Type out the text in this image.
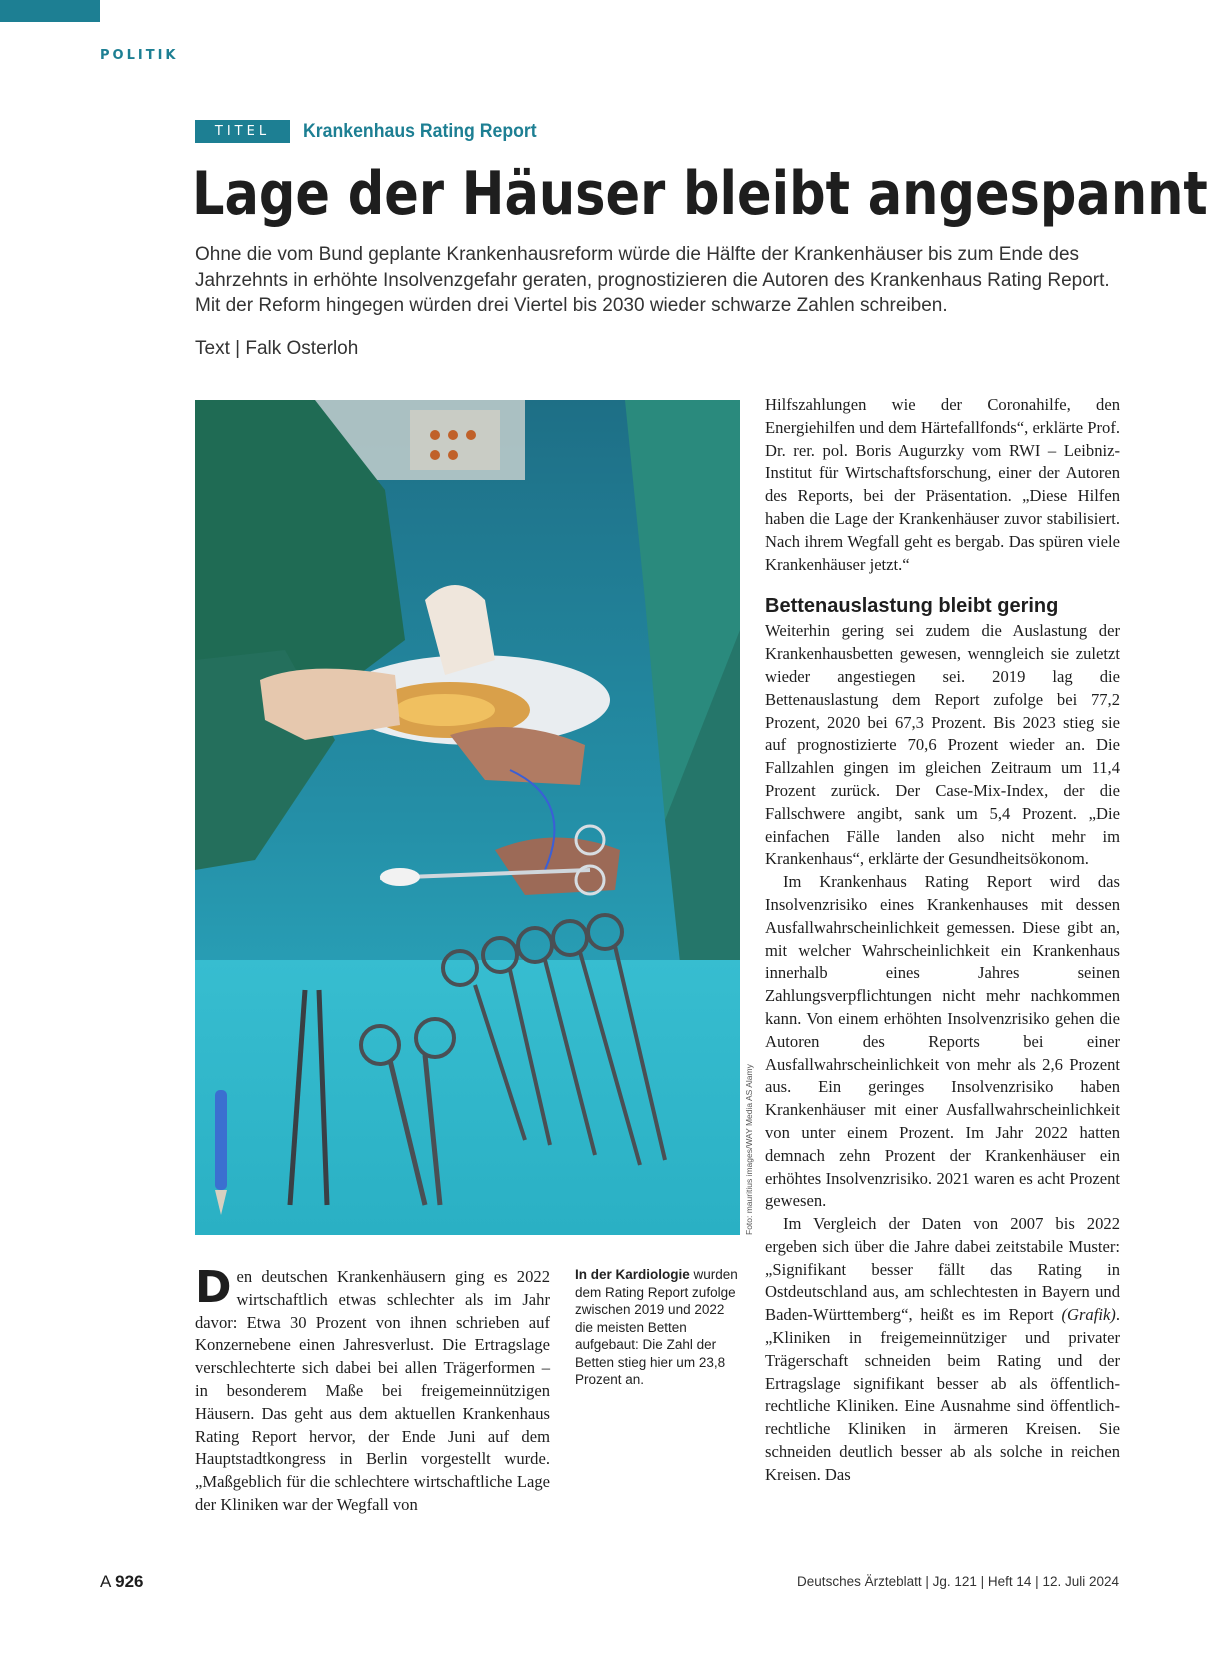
POLITIK
TITEL	Krankenhaus Rating Report
Lage der Häuser bleibt angespannt

Ohne die vom Bund geplante Krankenhausreform würde die Hälfte der Krankenhäuser bis zum Ende des Jahrzehnts in erhöhte Insolvenzgefahr geraten, prognostizieren die Autoren des Krankenhaus Rating Report. Mit der Reform hingegen würden drei Viertel bis 2030 wieder schwarze Zahlen schreiben.

Text | Falk Osterloh

Foto: mauritius images/WAY Media AS Alamy

D en deutschen Krankenhäusern ging es 2022 wirtschaftlich etwas schlechter als im Jahr davor: Etwa 30 Prozent von ihnen schrieben auf Konzernebene einen Jahresverlust. Die Ertragslage verschlechterte sich dabei bei allen Trägerformen – in besonderem Maße bei freigemeinnützigen Häusern. Das geht aus dem aktuellen Krankenhaus Rating Report hervor, der Ende Juni auf dem Hauptstadtkongress in Berlin vorgestellt wurde. „Maßgeblich für die schlechtere wirtschaftliche Lage der Kliniken war der Wegfall von

In der Kardiologie wurden dem Rating Report zufolge zwischen 2019 und 2022 die meisten Betten aufgebaut: Die Zahl der Betten stieg hier um 23,8 Prozent an.

Hilfszahlungen wie der Coronahilfe, den Energiehilfen und dem Härtefallfonds“, erklärte Prof. Dr. rer. pol. Boris Augurzky vom RWI – Leibniz-Institut für Wirtschaftsforschung, einer der Autoren des Reports, bei der Präsentation. „Diese Hilfen haben die Lage der Krankenhäuser zuvor stabilisiert. Nach ihrem Wegfall geht es bergab. Das spüren viele Krankenhäuser jetzt.“

Bettenauslastung bleibt gering

Weiterhin gering sei zudem die Auslastung der Krankenhausbetten gewesen, wenngleich sie zuletzt wieder angestiegen sei. 2019 lag die Bettenauslastung dem Report zufolge bei 77,2 Prozent, 2020 bei 67,3 Prozent. Bis 2023 stieg sie auf prognostizierte 70,6 Prozent wieder an. Die Fallzahlen gingen im gleichen Zeitraum um 11,4 Prozent zurück. Der Case-Mix-Index, der die Fallschwere angibt, sank um 5,4 Prozent. „Die einfachen Fälle landen also nicht mehr im Krankenhaus“, erklärte der Gesundheitsökonom.

Im Krankenhaus Rating Report wird das Insolvenzrisiko eines Krankenhauses mit dessen Ausfallwahrscheinlichkeit gemessen. Diese gibt an, mit welcher Wahrscheinlichkeit ein Krankenhaus innerhalb eines Jahres seinen Zahlungsverpflichtungen nicht mehr nachkommen kann. Von einem erhöhten Insolvenzrisiko gehen die Autoren des Reports bei einer Ausfallwahrscheinlichkeit von mehr als 2,6 Prozent aus. Ein geringes Insolvenzrisiko haben Krankenhäuser mit einer Ausfallwahrscheinlichkeit von unter einem Prozent. Im Jahr 2022 hatten demnach zehn Prozent der Krankenhäuser ein erhöhtes Insolvenzrisiko. 2021 waren es acht Prozent gewesen.

Im Vergleich der Daten von 2007 bis 2022 ergeben sich über die Jahre dabei zeitstabile Muster: „Signifikant besser fällt das Rating in Ostdeutschland aus, am schlechtesten in Bayern und Baden-Württemberg“, heißt es im Report (Grafik). „Kliniken in freigemeinnütziger und privater Trägerschaft schneiden beim Rating und der Ertragslage signifikant besser ab als öffentlich-rechtliche Kliniken. Eine Ausnahme sind öffentlich-rechtliche Kliniken in ärmeren Kreisen. Sie schneiden deutlich besser ab als solche in reichen Kreisen. Das

A 926	Deutsches Ärzteblatt | Jg. 121 | Heft 14 | 12. Juli 2024
